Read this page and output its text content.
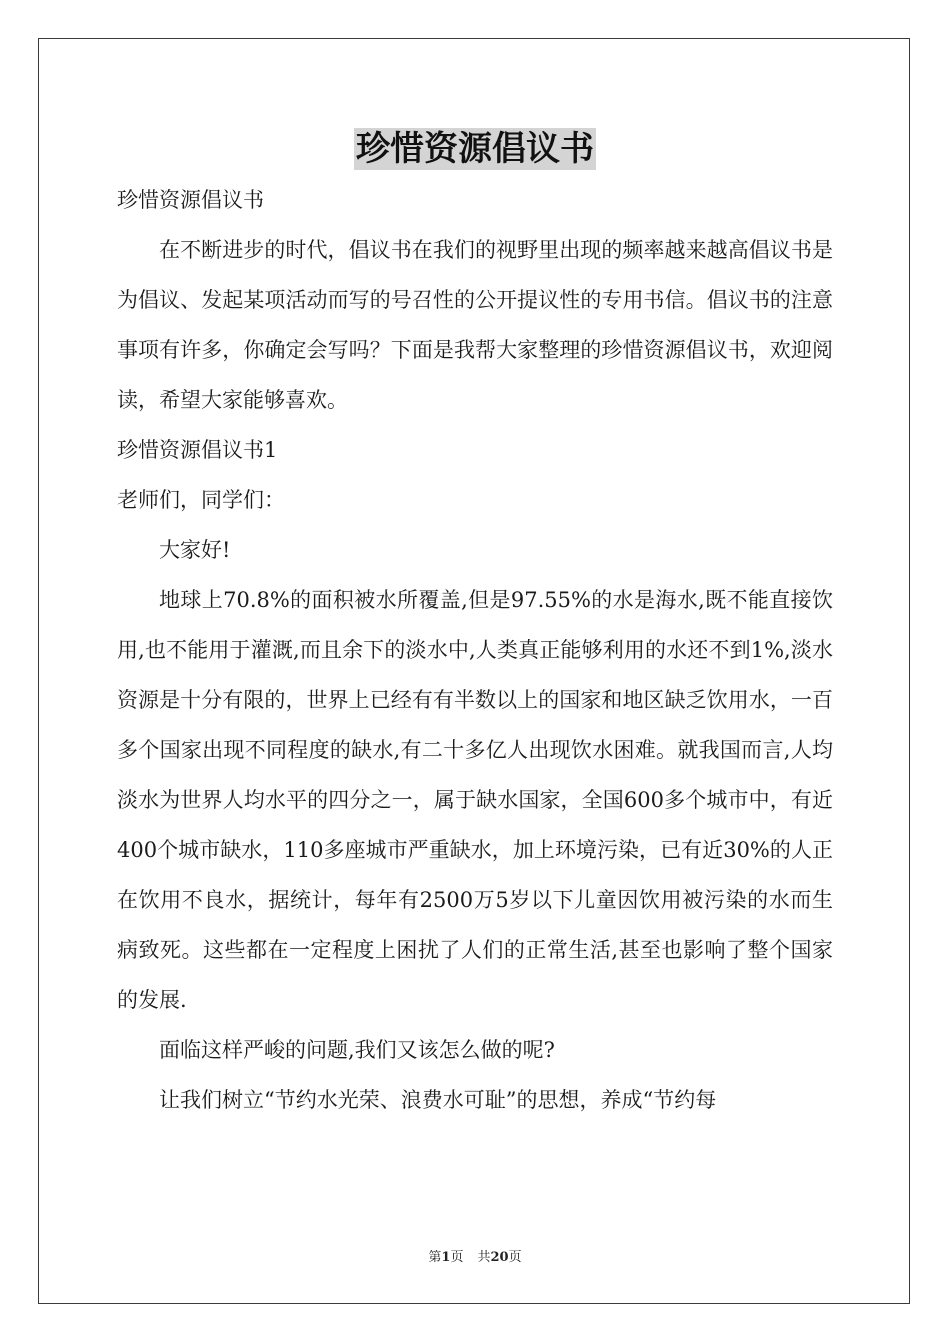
珍惜资源倡议书

珍惜资源倡议书

在不断进步的时代，倡议书在我们的视野里出现的频率越来越高倡议书是为倡议、发起某项活动而写的号召性的公开提议性的专用书信。倡议书的注意事项有许多，你确定会写吗？下面是我帮大家整理的珍惜资源倡议书，欢迎阅读，希望大家能够喜欢。

珍惜资源倡议书1

老师们，同学们：

大家好!

地球上70.8%的面积被水所覆盖,但是97.55%的水是海水,既不能直接饮用,也不能用于灌溉,而且余下的淡水中,人类真正能够利用的水还不到1%,淡水资源是十分有限的，世界上已经有有半数以上的国家和地区缺乏饮用水，一百多个国家出现不同程度的缺水,有二十多亿人出现饮水困难。就我国而言,人均淡水为世界人均水平的四分之一，属于缺水国家，全国600多个城市中，有近400个城市缺水，110多座城市严重缺水，加上环境污染，已有近30%的人正在饮用不良水，据统计，每年有2500万5岁以下儿童因饮用被污染的水而生病致死。这些都在一定程度上困扰了人们的正常生活,甚至也影响了整个国家的发展.

面临这样严峻的问题,我们又该怎么做的呢?

让我们树立“节约水光荣、浪费水可耻”的思想，养成“节约每

第1页 共20页
